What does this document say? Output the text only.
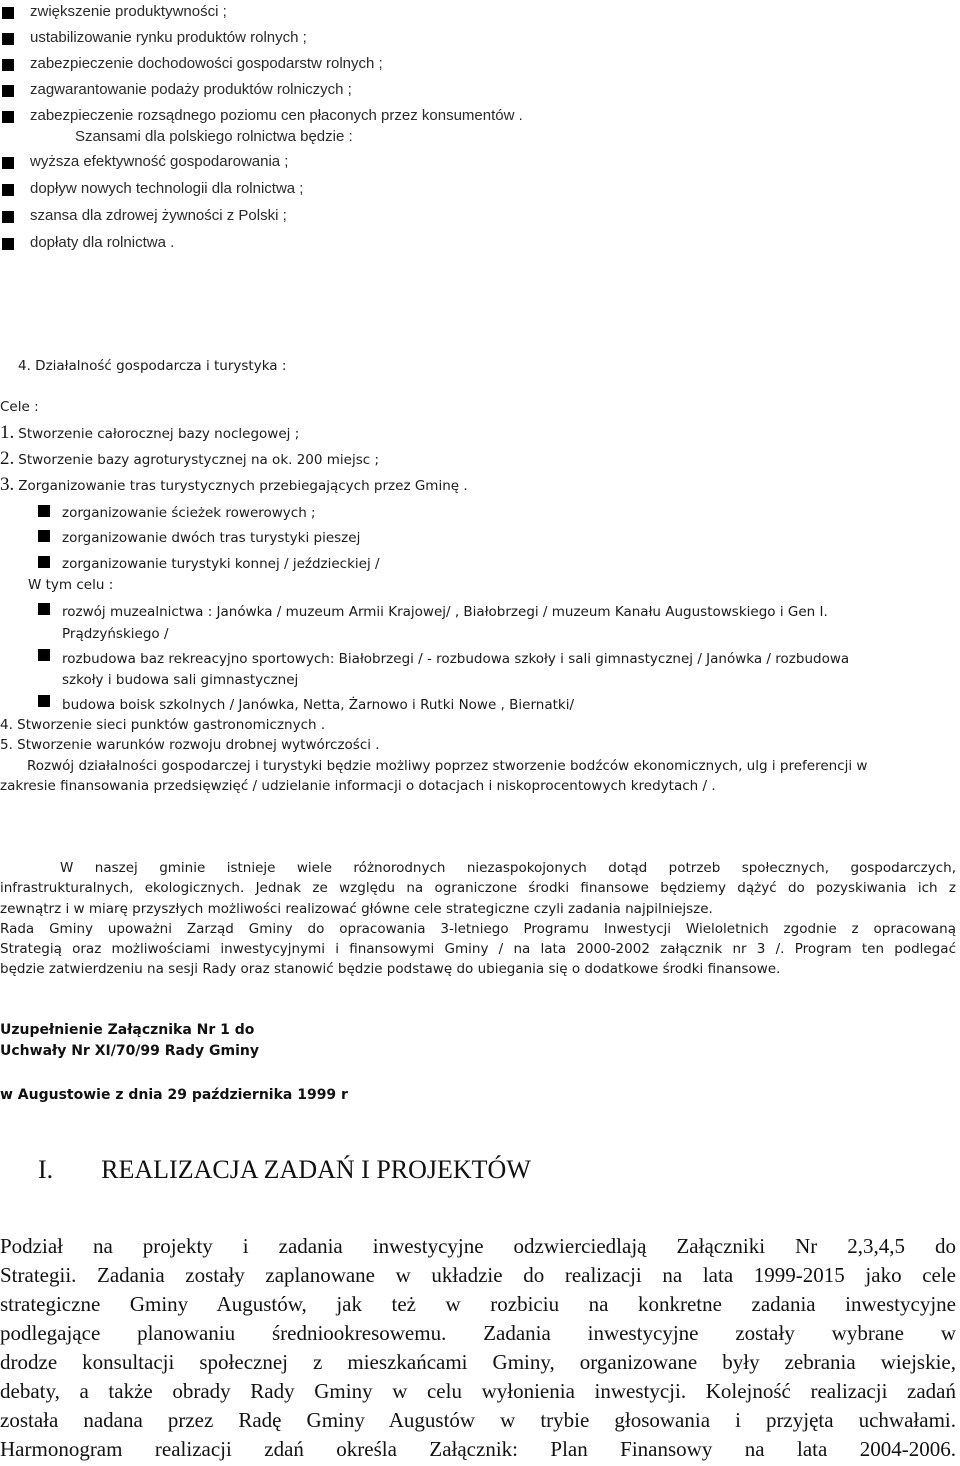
zwiększenie produktywności ;
ustabilizowanie rynku produktów rolnych ;
zabezpieczenie dochodowości gospodarstw rolnych ;
zagwarantowanie podaży produktów rolniczych ;
zabezpieczenie rozsądnego poziomu cen płaconych przez konsumentów .
Szansami dla polskiego rolnictwa będzie :
wyższa efektywność gospodarowania ;
dopływ nowych technologii dla rolnictwa ;
szansa dla zdrowej żywności z Polski ;
dopłaty dla rolnictwa .
4. Działalność gospodarcza i turystyka :
Cele :
1. Stworzenie całorocznej bazy noclegowej ;
2. Stworzenie bazy agroturystycznej na ok. 200 miejsc ;
3. Zorganizowanie tras turystycznych przebiegających przez Gminę .
zorganizowanie ścieżek rowerowych ;
zorganizowanie dwóch tras turystyki pieszej
zorganizowanie turystyki konnej / jeździeckiej /
W tym celu :
rozwój muzealnictwa : Janówka / muzeum Armii Krajowej/ , Białobrzegi / muzeum Kanału Augustowskiego i Gen I.
Prądzyńskiego /
rozbudowa baz rekreacyjno sportowych: Białobrzegi / - rozbudowa szkoły i sali gimnastycznej / Janówka / rozbudowa
szkoły i budowa sali gimnastycznej
budowa boisk szkolnych / Janówka, Netta, Żarnowo i Rutki Nowe , Biernatki/
4. Stworzenie sieci punktów gastronomicznych .
5. Stworzenie warunków rozwoju drobnej wytwórczości .
Rozwój działalności gospodarczej i turystyki będzie możliwy poprzez stworzenie bodźców ekonomicznych, ulg i preferencji w
zakresie finansowania przedsięwzięć / udzielanie informacji o dotacjach i niskoprocentowych kredytach / .
W naszej gminie istnieje wiele różnorodnych niezaspokojonych dotąd potrzeb społecznych, gospodarczych,
infrastrukturalnych, ekologicznych. Jednak ze względu na ograniczone środki finansowe będziemy dążyć do pozyskiwania ich z
zewnątrz i w miarę przyszłych możliwości realizować główne cele strategiczne czyli zadania najpilniejsze.
Rada Gminy upoważni Zarząd Gminy do opracowania 3-letniego Programu Inwestycji Wieloletnich zgodnie z opracowaną
Strategią oraz możliwościami inwestycyjnymi i finansowymi Gminy / na lata 2000-2002 załącznik nr 3 /. Program ten podlegać
będzie zatwierdzeniu na sesji Rady oraz stanowić będzie podstawę do ubiegania się o dodatkowe środki finansowe.
Uzupełnienie Załącznika Nr 1 do
Uchwały Nr XI/70/99 Rady Gminy
w Augustowie z dnia 29 października 1999 r
I. REALIZACJA ZADAŃ I PROJEKTÓW
Podział na projekty i zadania inwestycyjne odzwierciedlają Załączniki Nr 2,3,4,5 do
Strategii. Zadania zostały zaplanowane w układzie do realizacji na lata 1999-2015 jako cele
strategiczne Gminy Augustów, jak też w rozbiciu na konkretne zadania inwestycyjne
podlegające planowaniu średniookresowemu. Zadania inwestycyjne zostały wybrane w
drodze konsultacji społecznej z mieszkańcami Gminy, organizowane były zebrania wiejskie,
debaty, a także obrady Rady Gminy w celu wyłonienia inwestycji. Kolejność realizacji zadań
została nadana przez Radę Gminy Augustów w trybie głosowania i przyjęta uchwałami.
Harmonogram realizacji zdań określa Załącznik: Plan Finansowy na lata 2004-2006.
